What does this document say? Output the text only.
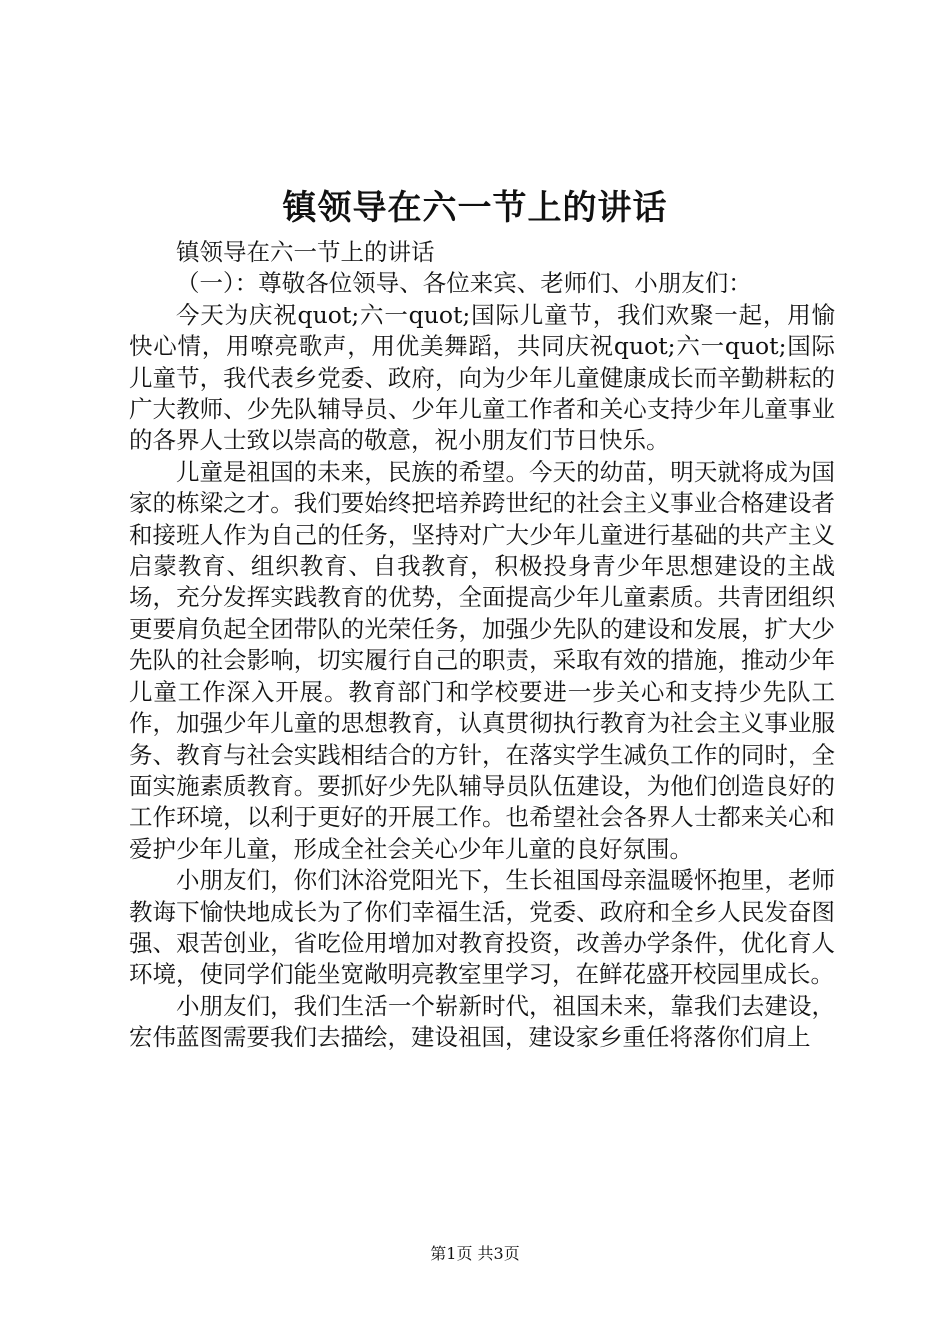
镇领导在六一节上的讲话

镇领导在六一节上的讲话

（一）：尊敬各位领导、各位来宾、老师们、小朋友们：

今天为庆祝quot;六一quot;国际儿童节，我们欢聚一起，用愉快心情，用嘹亮歌声，用优美舞蹈，共同庆祝quot;六一quot;国际儿童节，我代表乡党委、政府，向为少年儿童健康成长而辛勤耕耘的广大教师、少先队辅导员、少年儿童工作者和关心支持少年儿童事业的各界人士致以崇高的敬意，祝小朋友们节日快乐。

儿童是祖国的未来，民族的希望。今天的幼苗，明天就将成为国家的栋梁之才。我们要始终把培养跨世纪的社会主义事业合格建设者和接班人作为自己的任务，坚持对广大少年儿童进行基础的共产主义启蒙教育、组织教育、自我教育，积极投身青少年思想建设的主战场，充分发挥实践教育的优势，全面提高少年儿童素质。共青团组织更要肩负起全团带队的光荣任务，加强少先队的建设和发展，扩大少先队的社会影响，切实履行自己的职责，采取有效的措施，推动少年儿童工作深入开展。教育部门和学校要进一步关心和支持少先队工作，加强少年儿童的思想教育，认真贯彻执行教育为社会主义事业服务、教育与社会实践相结合的方针，在落实学生减负工作的同时，全面实施素质教育。要抓好少先队辅导员队伍建设，为他们创造良好的工作环境，以利于更好的开展工作。也希望社会各界人士都来关心和爱护少年儿童，形成全社会关心少年儿童的良好氛围。

小朋友们，你们沐浴党阳光下，生长祖国母亲温暖怀抱里，老师教诲下愉快地成长为了你们幸福生活，党委、政府和全乡人民发奋图强、艰苦创业，省吃俭用增加对教育投资，改善办学条件，优化育人环境，使同学们能坐宽敞明亮教室里学习，在鲜花盛开校园里成长。

小朋友们，我们生活一个崭新时代，祖国未来，靠我们去建设，宏伟蓝图需要我们去描绘，建设祖国，建设家乡重任将落你们肩上

第1页 共3页
